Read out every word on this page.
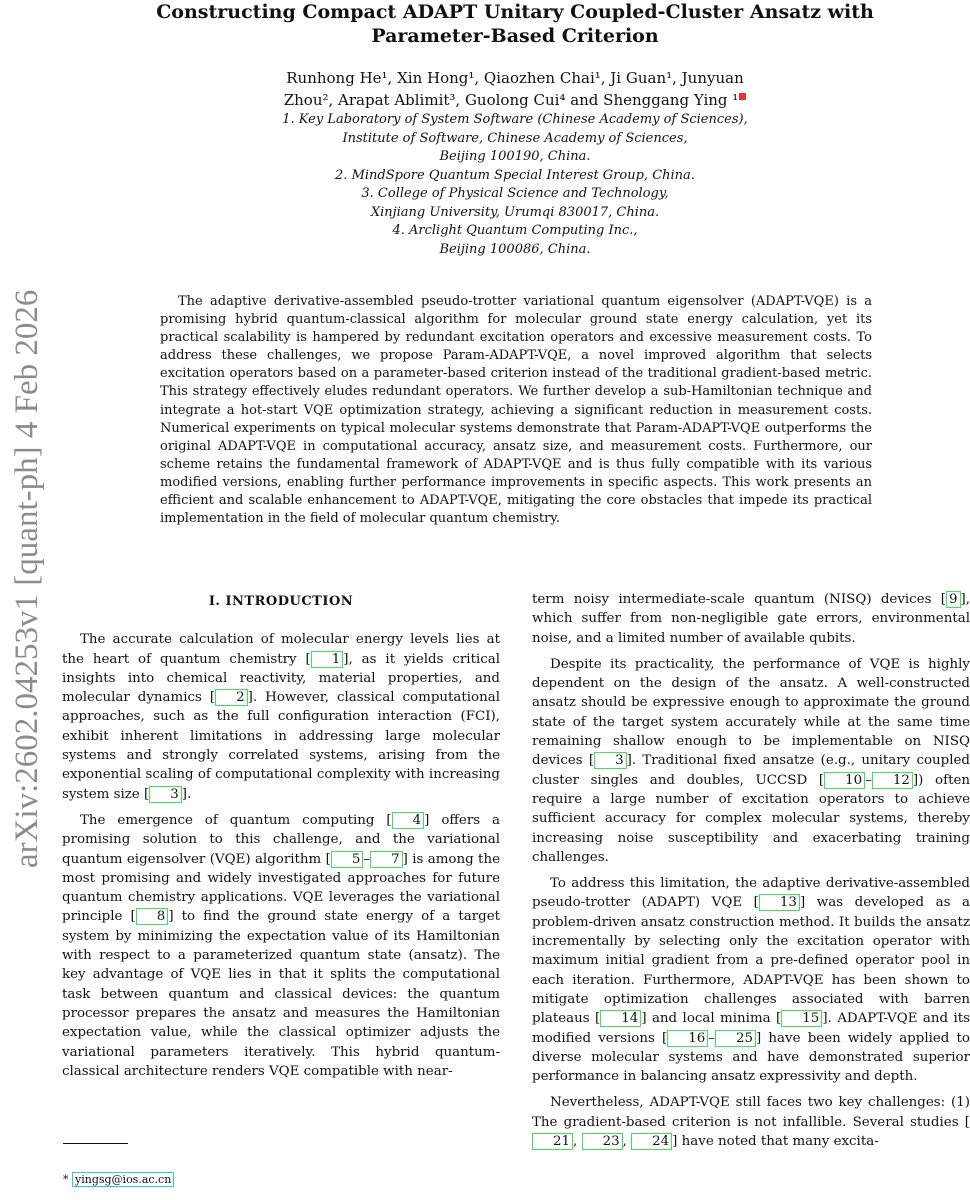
arXiv:2602.04253v1 [quant-ph] 4 Feb 2026
Constructing Compact ADAPT Unitary Coupled-Cluster Ansatz with
Parameter-Based Criterion
Runhong He¹, Xin Hong¹, Qiaozhen Chai¹, Ji Guan¹, Junyuan
Zhou², Arapat Ablimit³, Guolong Cui⁴ and Shenggang Ying ¹
1. Key Laboratory of System Software (Chinese Academy of Sciences),
Institute of Software, Chinese Academy of Sciences,
Beijing 100190, China.
2. MindSpore Quantum Special Interest Group, China.
3. College of Physical Science and Technology,
Xinjiang University, Urumqi 830017, China.
4. Arclight Quantum Computing Inc.,
Beijing 100086, China.
The adaptive derivative-assembled pseudo-trotter variational quantum eigensolver (ADAPT-VQE) is a promising hybrid quantum-classical algorithm for molecular ground state energy calculation, yet its practical scalability is hampered by redundant excitation operators and excessive measurement costs. To address these challenges, we propose Param-ADAPT-VQE, a novel improved algorithm that selects excitation operators based on a parameter-based criterion instead of the traditional gradient-based metric. This strategy effectively eludes redundant operators. We further develop a sub-Hamiltonian technique and integrate a hot-start VQE optimization strategy, achieving a significant reduction in measurement costs. Numerical experiments on typical molecular systems demonstrate that Param-ADAPT-VQE outperforms the original ADAPT-VQE in computational accuracy, ansatz size, and measurement costs. Furthermore, our scheme retains the fundamental framework of ADAPT-VQE and is thus fully compatible with its various modified versions, enabling further performance improvements in specific aspects. This work presents an efficient and scalable enhancement to ADAPT-VQE, mitigating the core obstacles that impede its practical implementation in the field of molecular quantum chemistry.
I. INTRODUCTION

The accurate calculation of molecular energy levels lies at the heart of quantum chemistry [ 1 ], as it yields critical insights into chemical reactivity, material properties, and molecular dynamics [ 2 ]. However, classical computational approaches, such as the full configuration interaction (FCI), exhibit inherent limitations in addressing large molecular systems and strongly correlated systems, arising from the exponential scaling of computational complexity with increasing system size [ 3 ].

The emergence of quantum computing [ 4 ] offers a promising solution to this challenge, and the variational quantum eigensolver (VQE) algorithm [ 5 – 7 ] is among the most promising and widely investigated approaches for future quantum chemistry applications. VQE leverages the variational principle [ 8 ] to find the ground state energy of a target system by minimizing the expectation value of its Hamiltonian with respect to a parameterized quantum state (ansatz). The key advantage of VQE lies in that it splits the computational task between quantum and classical devices: the quantum processor prepares the ansatz and measures the Hamiltonian expectation value, while the classical optimizer adjusts the variational parameters iteratively. This hybrid quantum-classical architecture renders VQE compatible with near-

term noisy intermediate-scale quantum (NISQ) devices [ 9 ], which suffer from non-negligible gate errors, environmental noise, and a limited number of available qubits.

Despite its practicality, the performance of VQE is highly dependent on the design of the ansatz. A well-constructed ansatz should be expressive enough to approximate the ground state of the target system accurately while at the same time remaining shallow enough to be implementable on NISQ devices [ 3 ]. Traditional fixed ansatze (e.g., unitary coupled cluster singles and doubles, UCCSD [ 10 – 12 ]) often require a large number of excitation operators to achieve sufficient accuracy for complex molecular systems, thereby increasing noise susceptibility and exacerbating training challenges.

To address this limitation, the adaptive derivative-assembled pseudo-trotter (ADAPT) VQE [ 13 ] was developed as a problem-driven ansatz construction method. It builds the ansatz incrementally by selecting only the excitation operator with maximum initial gradient from a pre-defined operator pool in each iteration. Furthermore, ADAPT-VQE has been shown to mitigate optimization challenges associated with barren plateaus [ 14 ] and local minima [ 15 ]. ADAPT-VQE and its modified versions [ 16 – 25 ] have been widely applied to diverse molecular systems and have demonstrated superior performance in balancing ansatz expressivity and depth.

Nevertheless, ADAPT-VQE still faces two key challenges: (1) The gradient-based criterion is not infallible. Several studies [21 , 23 , 24 ] have noted that many excita-

* yingsg@ios.ac.cn
